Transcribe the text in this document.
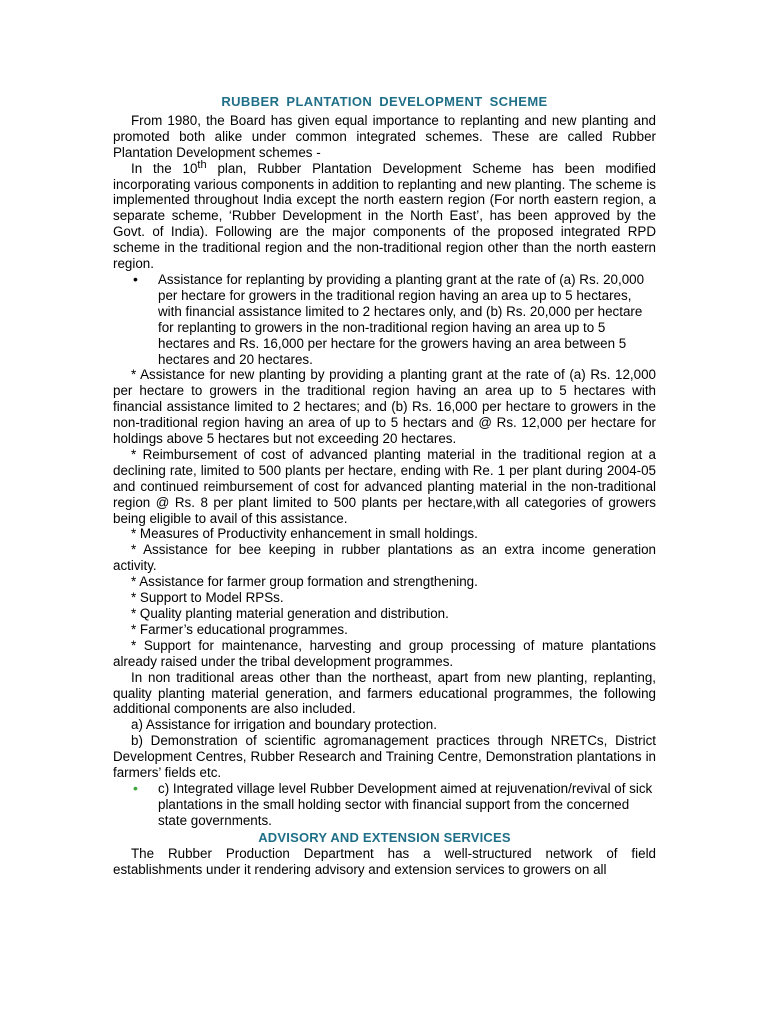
RUBBER PLANTATION DEVELOPMENT SCHEME

From 1980, the Board has given equal importance to replanting and new planting and promoted both alike under common integrated schemes. These are called Rubber Plantation Development schemes -

In the 10th plan, Rubber Plantation Development Scheme has been modified incorporating various components in addition to replanting and new planting. The scheme is implemented throughout India except the north eastern region (For north eastern region, a separate scheme, ‘Rubber Development in the North East’, has been approved by the Govt. of India). Following are the major components of the proposed integrated RPD scheme in the traditional region and the non-traditional region other than the north eastern region.

• Assistance for replanting by providing a planting grant at the rate of (a) Rs. 20,000 per hectare for growers in the traditional region having an area up to 5 hectares, with financial assistance limited to 2 hectares only, and (b) Rs. 20,000 per hectare for replanting to growers in the non-traditional region having an area up to 5 hectares and Rs. 16,000 per hectare for the growers having an area between 5 hectares and 20 hectares.

* Assistance for new planting by providing a planting grant at the rate of (a) Rs. 12,000 per hectare to growers in the traditional region having an area up to 5 hectares with financial assistance limited to 2 hectares; and (b) Rs. 16,000 per hectare to growers in the non-traditional region having an area of up to 5 hectars and @ Rs. 12,000 per hectare for holdings above 5 hectares but not exceeding 20 hectares.

* Reimbursement of cost of advanced planting material in the traditional region at a declining rate, limited to 500 plants per hectare, ending with Re. 1 per plant during 2004-05 and continued reimbursement of cost for advanced planting material in the non-traditional region @ Rs. 8 per plant limited to 500 plants per hectare,with all categories of growers being eligible to avail of this assistance.

* Measures of Productivity enhancement in small holdings.

* Assistance for bee keeping in rubber plantations as an extra income generation activity.

* Assistance for farmer group formation and strengthening.

* Support to Model RPSs.

* Quality planting material generation and distribution.

* Farmer’s educational programmes.

* Support for maintenance, harvesting and group processing of mature plantations already raised under the tribal development programmes.

In non traditional areas other than the northeast, apart from new planting, replanting, quality planting material generation, and farmers educational programmes, the following additional components are also included.

a) Assistance for irrigation and boundary protection.

b) Demonstration of scientific agromanagement practices through NRETCs, District Development Centres, Rubber Research and Training Centre, Demonstration plantations in farmers’ fields etc.

• c) Integrated village level Rubber Development aimed at rejuvenation/revival of sick plantations in the small holding sector with financial support from the concerned state governments.
ADVISORY AND EXTENSION SERVICES

The Rubber Production Department has a well-structured network of field establishments under it rendering advisory and extension services to growers on all
